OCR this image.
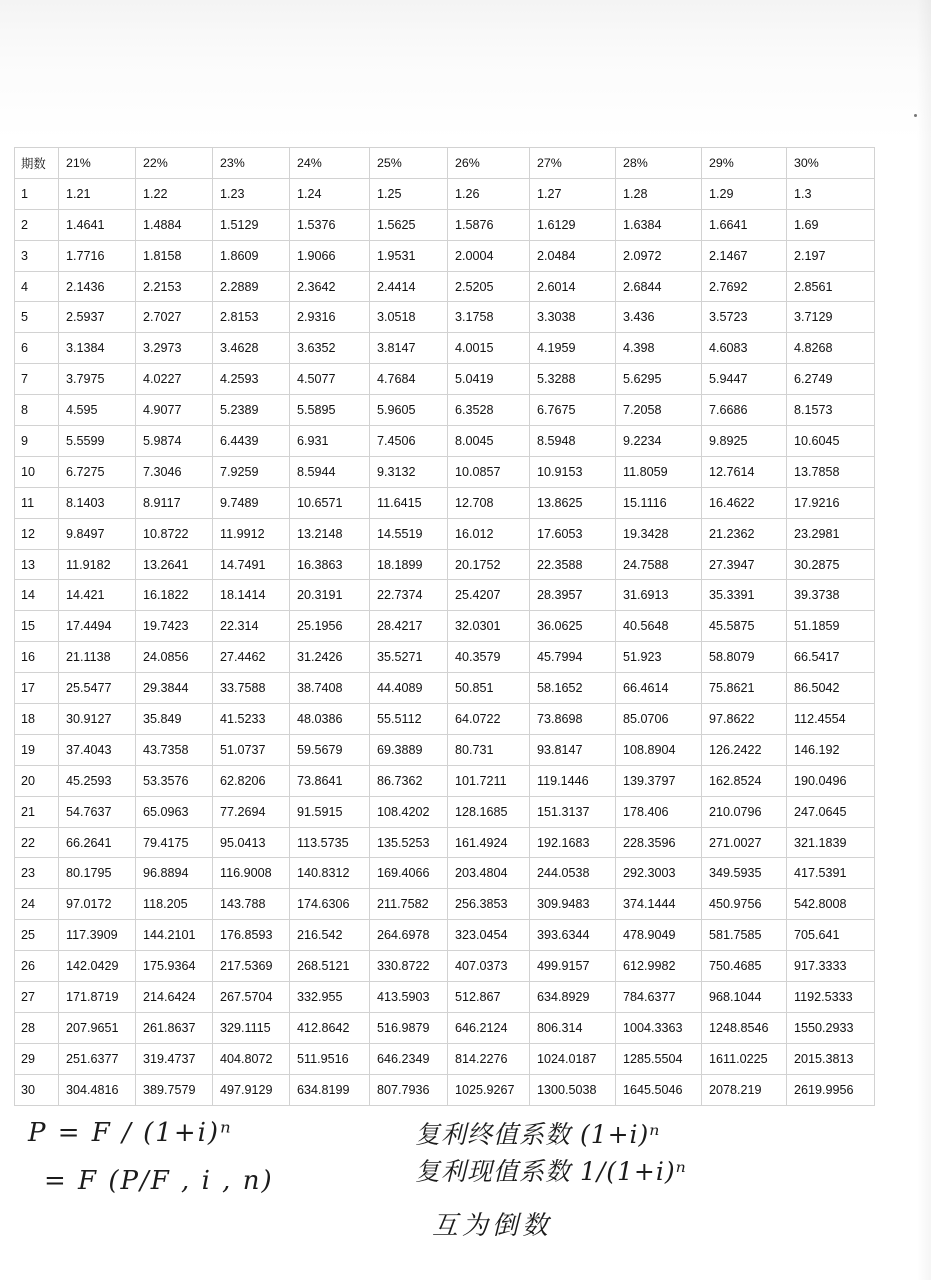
期数	21%	22%	23%	24%	25%	26%	27%	28%	29%	30%
1	1.21	1.22	1.23	1.24	1.25	1.26	1.27	1.28	1.29	1.3
2	1.4641	1.4884	1.5129	1.5376	1.5625	1.5876	1.6129	1.6384	1.6641	1.69
3	1.7716	1.8158	1.8609	1.9066	1.9531	2.0004	2.0484	2.0972	2.1467	2.197
4	2.1436	2.2153	2.2889	2.3642	2.4414	2.5205	2.6014	2.6844	2.7692	2.8561
5	2.5937	2.7027	2.8153	2.9316	3.0518	3.1758	3.3038	3.436	3.5723	3.7129
6	3.1384	3.2973	3.4628	3.6352	3.8147	4.0015	4.1959	4.398	4.6083	4.8268
7	3.7975	4.0227	4.2593	4.5077	4.7684	5.0419	5.3288	5.6295	5.9447	6.2749
8	4.595	4.9077	5.2389	5.5895	5.9605	6.3528	6.7675	7.2058	7.6686	8.1573
9	5.5599	5.9874	6.4439	6.931	7.4506	8.0045	8.5948	9.2234	9.8925	10.6045
10	6.7275	7.3046	7.9259	8.5944	9.3132	10.0857	10.9153	11.8059	12.7614	13.7858
11	8.1403	8.9117	9.7489	10.6571	11.6415	12.708	13.8625	15.1116	16.4622	17.9216
12	9.8497	10.8722	11.9912	13.2148	14.5519	16.012	17.6053	19.3428	21.2362	23.2981
13	11.9182	13.2641	14.7491	16.3863	18.1899	20.1752	22.3588	24.7588	27.3947	30.2875
14	14.421	16.1822	18.1414	20.3191	22.7374	25.4207	28.3957	31.6913	35.3391	39.3738
15	17.4494	19.7423	22.314	25.1956	28.4217	32.0301	36.0625	40.5648	45.5875	51.1859
16	21.1138	24.0856	27.4462	31.2426	35.5271	40.3579	45.7994	51.923	58.8079	66.5417
17	25.5477	29.3844	33.7588	38.7408	44.4089	50.851	58.1652	66.4614	75.8621	86.5042
18	30.9127	35.849	41.5233	48.0386	55.5112	64.0722	73.8698	85.0706	97.8622	112.4554
19	37.4043	43.7358	51.0737	59.5679	69.3889	80.731	93.8147	108.8904	126.2422	146.192
20	45.2593	53.3576	62.8206	73.8641	86.7362	101.7211	119.1446	139.3797	162.8524	190.0496
21	54.7637	65.0963	77.2694	91.5915	108.4202	128.1685	151.3137	178.406	210.0796	247.0645
22	66.2641	79.4175	95.0413	113.5735	135.5253	161.4924	192.1683	228.3596	271.0027	321.1839
23	80.1795	96.8894	116.9008	140.8312	169.4066	203.4804	244.0538	292.3003	349.5935	417.5391
24	97.0172	118.205	143.788	174.6306	211.7582	256.3853	309.9483	374.1444	450.9756	542.8008
25	117.3909	144.2101	176.8593	216.542	264.6978	323.0454	393.6344	478.9049	581.7585	705.641
26	142.0429	175.9364	217.5369	268.5121	330.8722	407.0373	499.9157	612.9982	750.4685	917.3333
27	171.8719	214.6424	267.5704	332.955	413.5903	512.867	634.8929	784.6377	968.1044	1192.5333
28	207.9651	261.8637	329.1115	412.8642	516.9879	646.2124	806.314	1004.3363	1248.8546	1550.2933
29	251.6377	319.4737	404.8072	511.9516	646.2349	814.2276	1024.0187	1285.5504	1611.0225	2015.3813
30	304.4816	389.7579	497.9129	634.8199	807.7936	1025.9267	1300.5038	1645.5046	2078.219	2619.9956
P = F / (1+i)ⁿ
= F (P/F , i , n)
复利终值系数 (1+i)ⁿ
复利现值系数 1/(1+i)ⁿ
互为倒数
